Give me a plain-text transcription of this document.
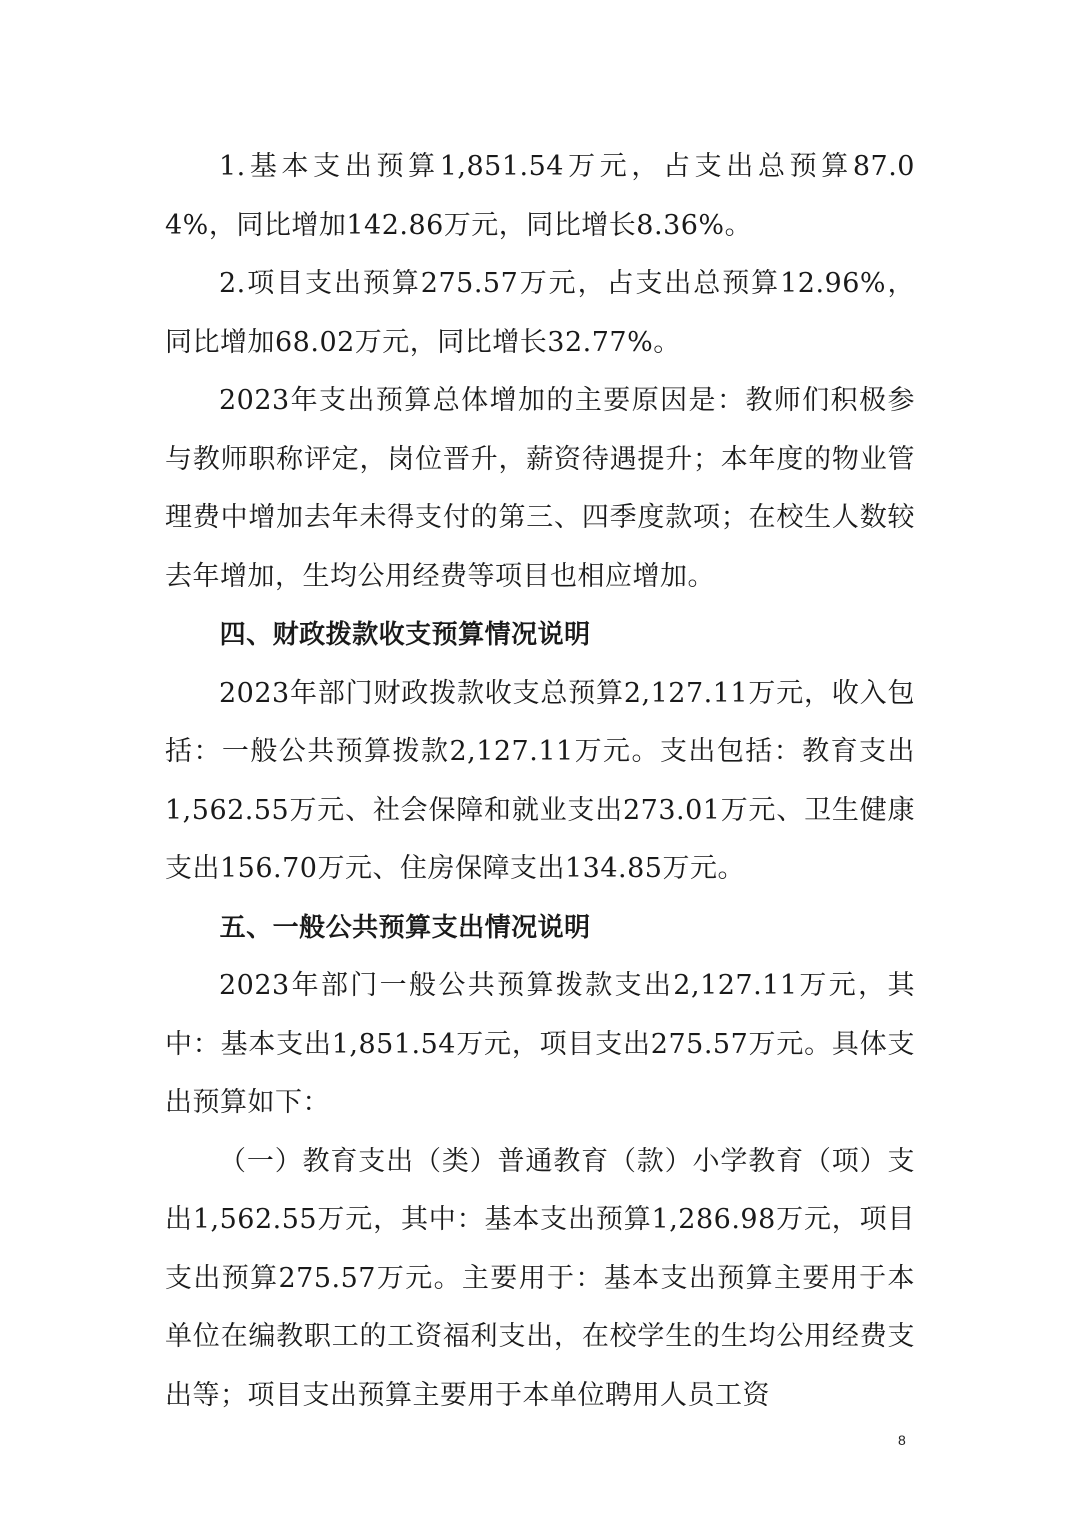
1.基本支出预算1,851.54万元，占支出总预算87.04%，同比增加142.86万元，同比增长8.36%。

2.项目支出预算275.57万元，占支出总预算12.96%，同比增加68.02万元，同比增长32.77%。

2023年支出预算总体增加的主要原因是：教师们积极参与教师职称评定，岗位晋升，薪资待遇提升；本年度的物业管理费中增加去年未得支付的第三、四季度款项；在校生人数较去年增加，生均公用经费等项目也相应增加。

四、财政拨款收支预算情况说明

2023年部门财政拨款收支总预算2,127.11万元，收入包括：一般公共预算拨款2,127.11万元。支出包括：教育支出1,562.55万元、社会保障和就业支出273.01万元、卫生健康支出156.70万元、住房保障支出134.85万元。

五、一般公共预算支出情况说明

2023年部门一般公共预算拨款支出2,127.11万元，其中：基本支出1,851.54万元，项目支出275.57万元。具体支出预算如下：

（一）教育支出（类）普通教育（款）小学教育（项）支出1,562.55万元，其中：基本支出预算1,286.98万元，项目支出预算275.57万元。主要用于：基本支出预算主要用于本单位在编教职工的工资福利支出，在校学生的生均公用经费支出等；项目支出预算主要用于本单位聘用人员工资

8
